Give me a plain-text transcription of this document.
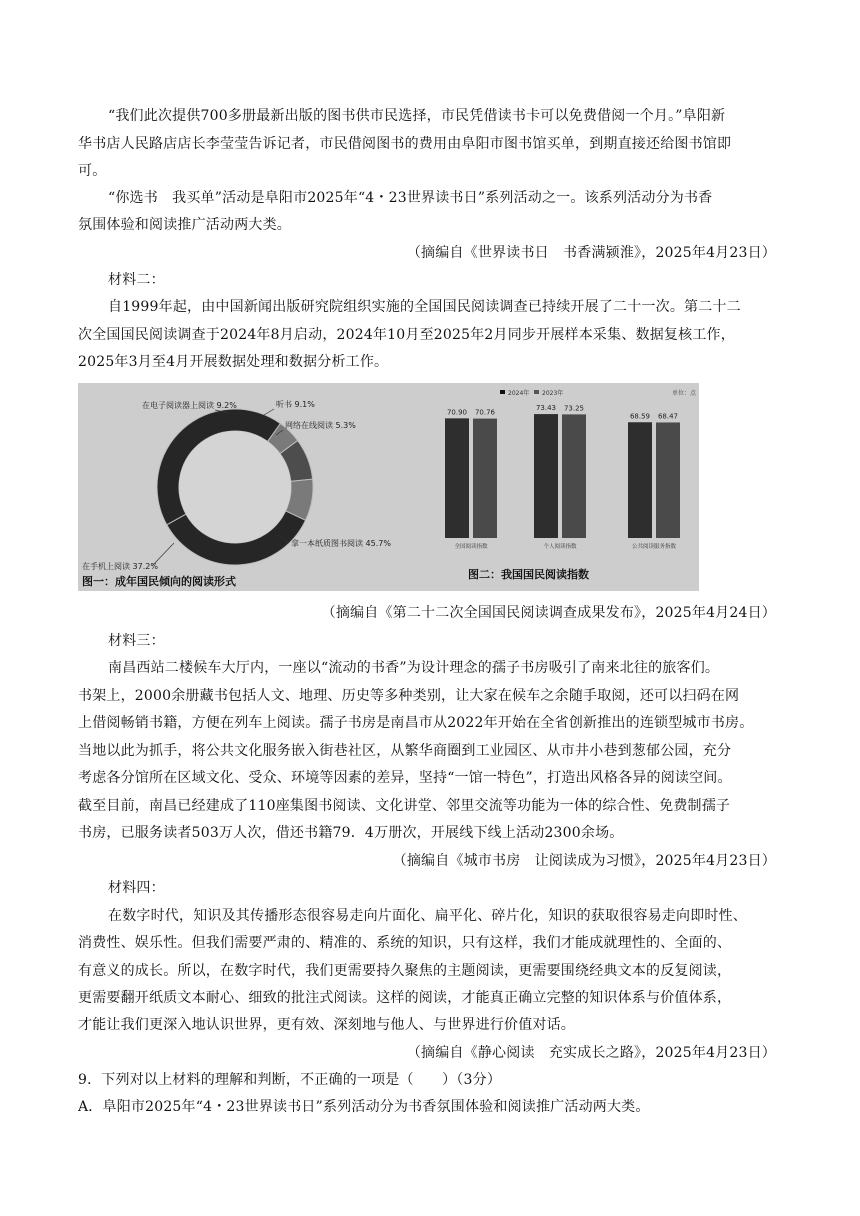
“我们此次提供700多册最新出版的图书供市民选择，市民凭借读书卡可以免费借阅一个月。”阜阳新
华书店人民路店店长李莹莹告诉记者，市民借阅图书的费用由阜阳市图书馆买单，到期直接还给图书馆即
可。
“你选书　我买单”活动是阜阳市2025年“4・23世界读书日”系列活动之一。该系列活动分为书香
氛围体验和阅读推广活动两大类。
（摘编自《世界读书日　书香满颍淮》，2025年4月23日）
材料二：
自1999年起，由中国新闻出版研究院组织实施的全国国民阅读调查已持续开展了二十一次。第二十二
次全国国民阅读调查于2024年8月启动，2024年10月至2025年2月同步开展样本采集、数据复核工作，
2025年3月至4月开展数据处理和数据分析工作。
在电子阅读器上阅读 9.2%	听书 9.1%
网络在线阅读 5.3%
拿一本纸质图书阅读 45.7%
在手机上阅读 37.2%
图一：成年国民倾向的阅读形式
2024年 2023年	单位：点
70.90 70.76
全国阅读指数
73.43 73.25
个人阅读指数
68.59 68.47
公共阅读服务指数
图二：我国国民阅读指数
（摘编自《第二十二次全国国民阅读调查成果发布》，2025年4月24日）
材料三：
南昌西站二楼候车大厅内，一座以“流动的书香”为设计理念的孺子书房吸引了南来北往的旅客们。
书架上，2000余册藏书包括人文、地理、历史等多种类别，让大家在候车之余随手取阅，还可以扫码在网
上借阅畅销书籍，方便在列车上阅读。孺子书房是南昌市从2022年开始在全省创新推出的连锁型城市书房。
当地以此为抓手，将公共文化服务嵌入街巷社区，从繁华商圈到工业园区、从市井小巷到葱郁公园，充分
考虑各分馆所在区域文化、受众、环境等因素的差异，坚持“一馆一特色”，打造出风格各异的阅读空间。
截至目前，南昌已经建成了110座集图书阅读、文化讲堂、邻里交流等功能为一体的综合性、免费制孺子
书房，已服务读者503万人次，借还书籍79．4万册次，开展线下线上活动2300余场。
（摘编自《城市书房　让阅读成为习惯》，2025年4月23日）
材料四：
在数字时代，知识及其传播形态很容易走向片面化、扁平化、碎片化，知识的获取很容易走向即时性、
消费性、娱乐性。但我们需要严肃的、精准的、系统的知识，只有这样，我们才能成就理性的、全面的、
有意义的成长。所以，在数字时代，我们更需要持久聚焦的主题阅读，更需要围绕经典文本的反复阅读，
更需要翻开纸质文本耐心、细致的批注式阅读。这样的阅读，才能真正确立完整的知识体系与价值体系，
才能让我们更深入地认识世界，更有效、深刻地与他人、与世界进行价值对话。
（摘编自《静心阅读　充实成长之路》，2025年4月23日）
9．下列对以上材料的理解和判断，不正确的一项是（　　）（3分）
A．阜阳市2025年“4・23世界读书日”系列活动分为书香氛围体验和阅读推广活动两大类。
